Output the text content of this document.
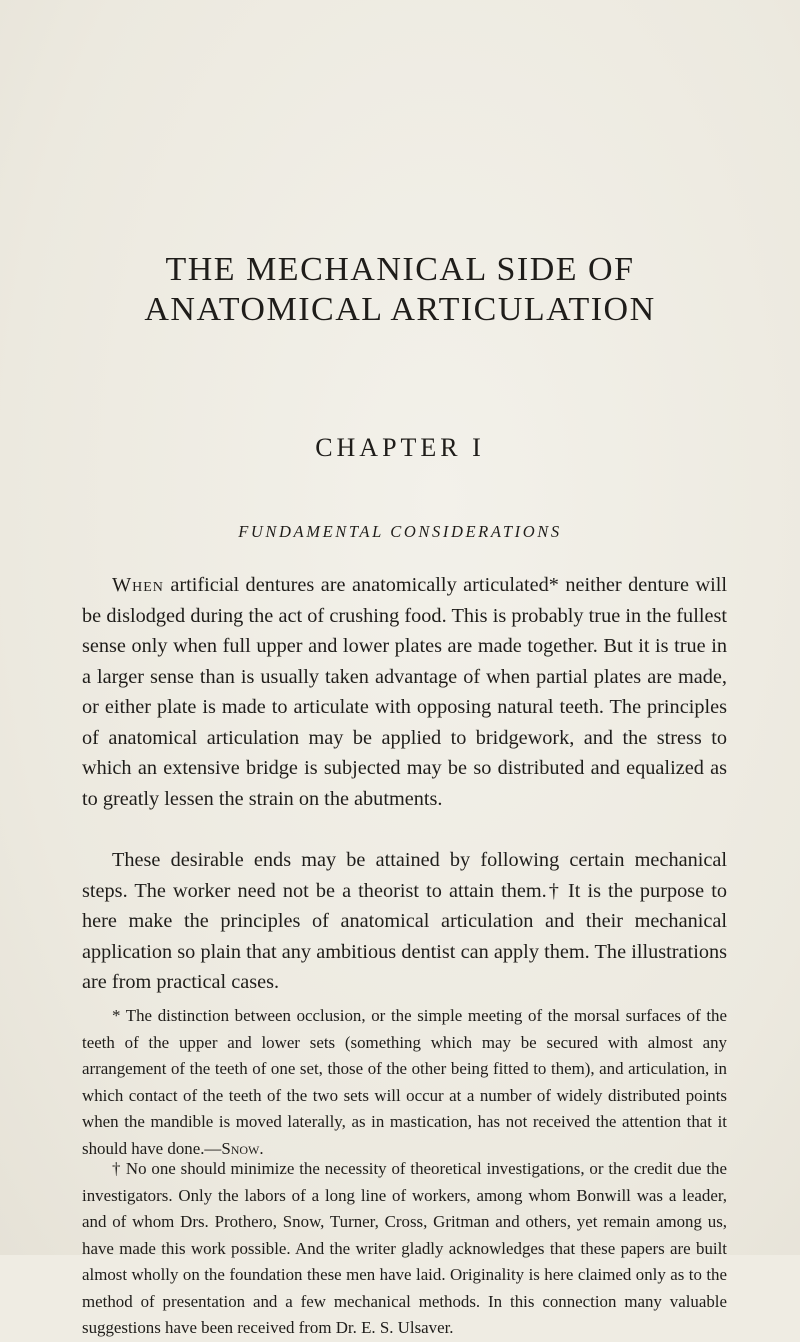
THE MECHANICAL SIDE OF
ANATOMICAL ARTICULATION
CHAPTER I
FUNDAMENTAL CONSIDERATIONS

When artificial dentures are anatomically articulated* neither denture will be dislodged during the act of crushing food. This is probably true in the fullest sense only when full upper and lower plates are made together. But it is true in a larger sense than is usually taken advantage of when partial plates are made, or either plate is made to articulate with opposing natural teeth. The principles of anatomical articulation may be applied to bridgework, and the stress to which an extensive bridge is subjected may be so distributed and equalized as to greatly lessen the strain on the abutments.

These desirable ends may be attained by following certain mechanical steps. The worker need not be a theorist to attain them.† It is the purpose to here make the principles of anatomical articulation and their mechanical application so plain that any ambitious dentist can apply them. The illustrations are from practical cases.

* The distinction between occlusion, or the simple meeting of the morsal surfaces of the teeth of the upper and lower sets (something which may be secured with almost any arrangement of the teeth of one set, those of the other being fitted to them), and articulation, in which contact of the teeth of the two sets will occur at a number of widely distributed points when the mandible is moved laterally, as in mastication, has not received the attention that it should have done.—Snow.

† No one should minimize the necessity of theoretical investigations, or the credit due the investigators. Only the labors of a long line of workers, among whom Bonwill was a leader, and of whom Drs. Prothero, Snow, Turner, Cross, Gritman and others, yet remain among us, have made this work possible. And the writer gladly acknowledges that these papers are built almost wholly on the foundation these men have laid. Originality is here claimed only as to the method of presentation and a few mechanical methods. In this connection many valuable suggestions have been received from Dr. E. S. Ulsaver.
